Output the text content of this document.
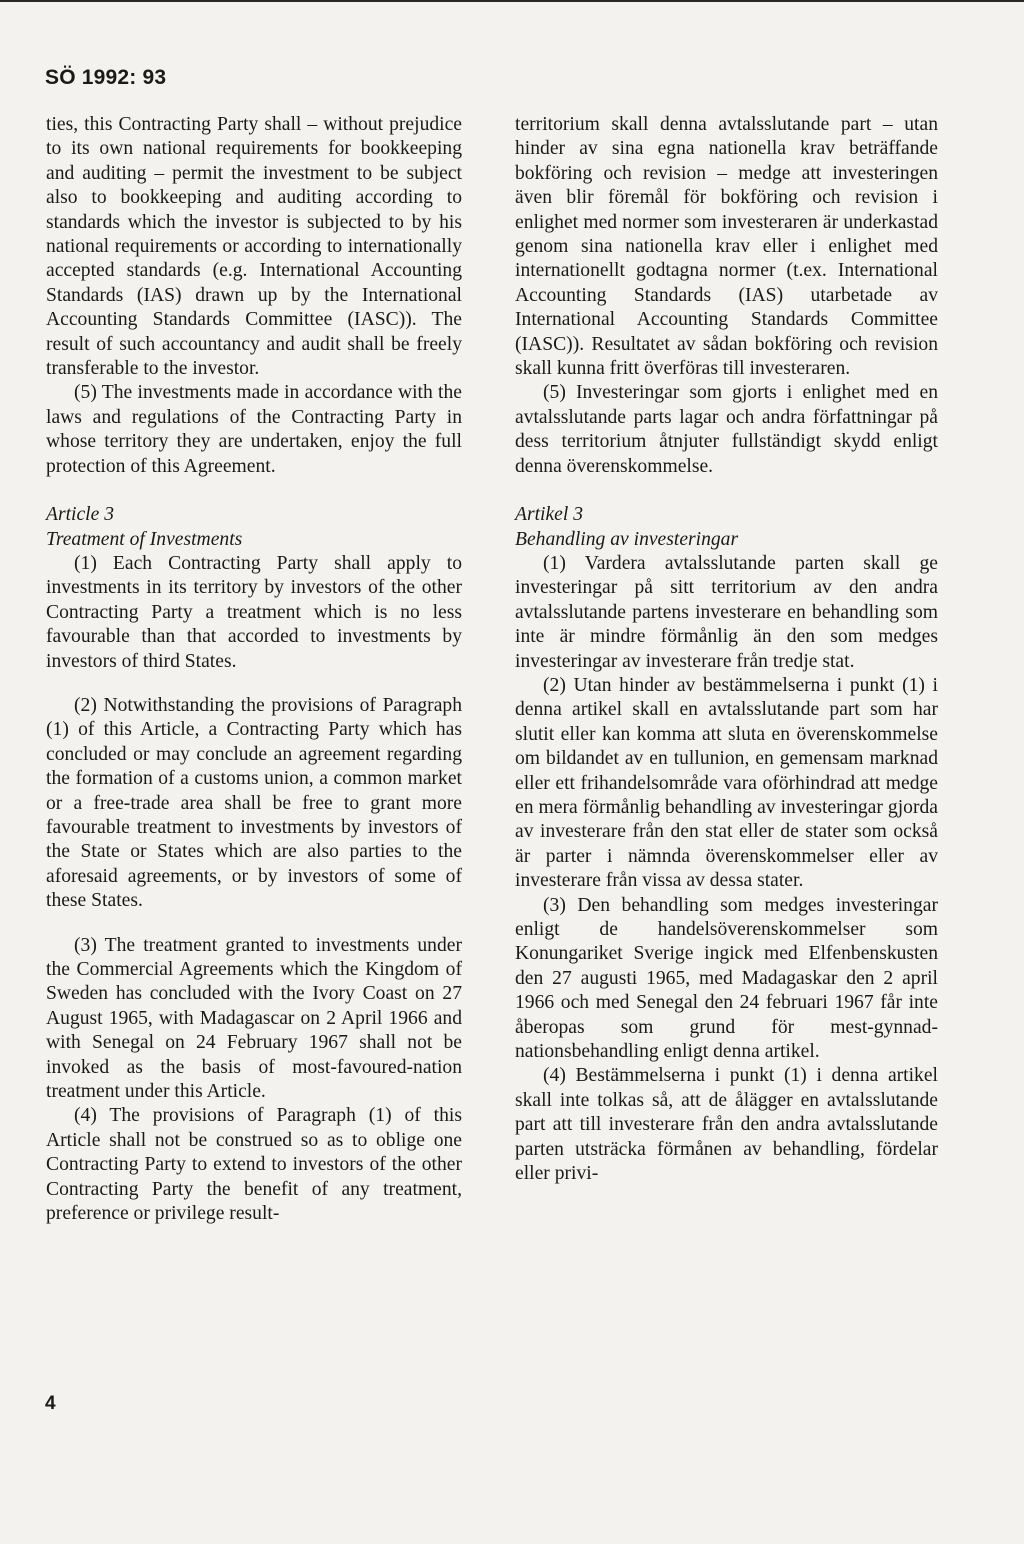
SÖ 1992: 93

ties, this Contracting Party shall – without prejudice to its own national requirements for bookkeeping and auditing – permit the investment to be subject also to bookkeeping and auditing according to standards which the investor is subjected to by his national requirements or according to internationally accepted standards (e.g. International Accounting Standards (IAS) drawn up by the International Accounting Standards Committee (IASC)). The result of such accountancy and audit shall be freely transferable to the investor.

(5) The investments made in accordance with the laws and regulations of the Contracting Party in whose territory they are undertaken, enjoy the full protection of this Agreement.

Article 3
Treatment of Investments

(1) Each Contracting Party shall apply to investments in its territory by investors of the other Contracting Party a treatment which is no less favourable than that accorded to investments by investors of third States.

(2) Notwithstanding the provisions of Paragraph (1) of this Article, a Contracting Party which has concluded or may conclude an agreement regarding the formation of a customs union, a common market or a free-trade area shall be free to grant more favourable treatment to investments by investors of the State or States which are also parties to the aforesaid agreements, or by investors of some of these States.

(3) The treatment granted to investments under the Commercial Agreements which the Kingdom of Sweden has concluded with the Ivory Coast on 27 August 1965, with Madagascar on 2 April 1966 and with Senegal on 24 February 1967 shall not be invoked as the basis of most-favoured-nation treatment under this Article.

(4) The provisions of Paragraph (1) of this Article shall not be construed so as to oblige one Contracting Party to extend to investors of the other Contracting Party the benefit of any treatment, preference or privilege result-

territorium skall denna avtalsslutande part – utan hinder av sina egna nationella krav beträffande bokföring och revision – medge att investeringen även blir föremål för bokföring och revision i enlighet med normer som investeraren är underkastad genom sina nationella krav eller i enlighet med internationellt godtagna normer (t.ex. International Accounting Standards (IAS) utarbetade av International Accounting Standards Committee (IASC)). Resultatet av sådan bokföring och revision skall kunna fritt överföras till investeraren.

(5) Investeringar som gjorts i enlighet med en avtalsslutande parts lagar och andra författningar på dess territorium åtnjuter fullständigt skydd enligt denna överenskommelse.

Artikel 3
Behandling av investeringar

(1) Vardera avtalsslutande parten skall ge investeringar på sitt territorium av den andra avtalsslutande partens investerare en behandling som inte är mindre förmånlig än den som medges investeringar av investerare från tredje stat.

(2) Utan hinder av bestämmelserna i punkt (1) i denna artikel skall en avtalsslutande part som har slutit eller kan komma att sluta en överenskommelse om bildandet av en tullunion, en gemensam marknad eller ett frihandelsområde vara oförhindrad att medge en mera förmånlig behandling av investeringar gjorda av investerare från den stat eller de stater som också är parter i nämnda överenskommelser eller av investerare från vissa av dessa stater.

(3) Den behandling som medges investeringar enligt de handelsöverenskommelser som Konungariket Sverige ingick med Elfenbenskusten den 27 augusti 1965, med Madagaskar den 2 april 1966 och med Senegal den 24 februari 1967 får inte åberopas som grund för mest-gynnad-nationsbehandling enligt denna artikel.

(4) Bestämmelserna i punkt (1) i denna artikel skall inte tolkas så, att de ålägger en avtalsslutande part att till investerare från den andra avtalsslutande parten utsträcka förmånen av behandling, fördelar eller privi-

4
